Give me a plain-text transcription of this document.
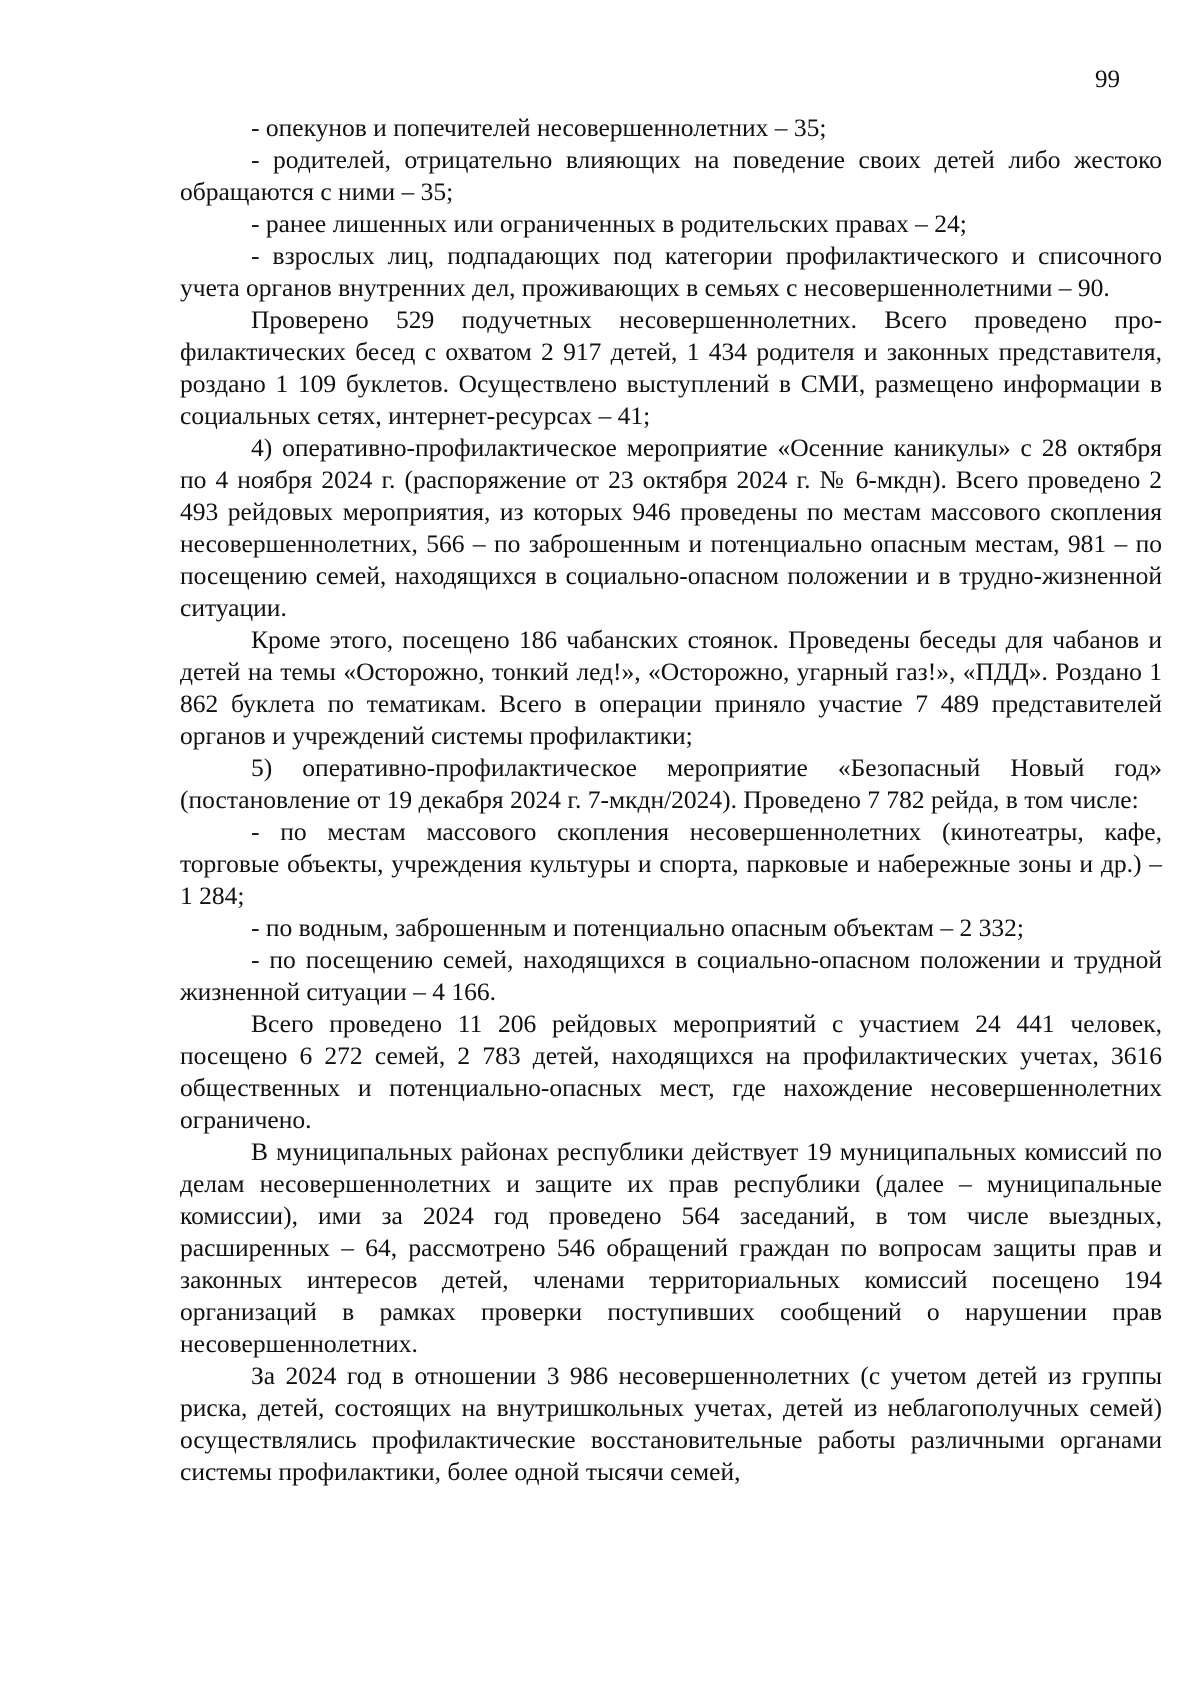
99

- опекунов и попечителей несовершеннолетних – 35;

- родителей, отрицательно влияющих на поведение своих детей либо жестоко обращаются с ними – 35;

- ранее лишенных или ограниченных в родительских правах – 24;

- взрослых лиц, подпадающих под категории профилактического и списочного учета органов внутренних дел, проживающих в семьях с несовершеннолетними – 90.

Проверено 529 подучетных несовершеннолетних. Всего проведено профилактических бесед с охватом 2 917 детей, 1 434 родителя и законных представителя, роздано 1 109 буклетов. Осуществлено выступлений в СМИ, размещено информации в социальных сетях, интернет-ресурсах – 41;

4) оперативно-профилактическое мероприятие «Осенние каникулы» с 28 октября по 4 ноября 2024 г. (распоряжение от 23 октября 2024 г. № 6-мкдн). Всего проведено 2 493 рейдовых мероприятия, из которых 946 проведены по местам массового скопления несовершеннолетних, 566 – по заброшенным и потенциально опасным местам, 981 – по посещению семей, находящихся в социально-опасном положении и в трудно-жизненной ситуации.

Кроме этого, посещено 186 чабанских стоянок. Проведены беседы для чабанов и детей на темы «Осторожно, тонкий лед!», «Осторожно, угарный газ!», «ПДД». Роздано 1 862 буклета по тематикам. Всего в операции приняло участие 7 489 представителей органов и учреждений системы профилактики;

5) оперативно-профилактическое мероприятие «Безопасный Новый год» (постановление от 19 декабря 2024 г. 7-мкдн/2024). Проведено 7 782 рейда, в том числе:

- по местам массового скопления несовершеннолетних (кинотеатры, кафе, торговые объекты, учреждения культуры и спорта, парковые и набережные зоны и др.) – 1 284;

- по водным, заброшенным и потенциально опасным объектам – 2 332;

- по посещению семей, находящихся в социально-опасном положении и трудной жизненной ситуации – 4 166.

Всего проведено 11 206 рейдовых мероприятий с участием 24 441 человек, посещено 6 272 семей, 2 783 детей, находящихся на профилактических учетах, 3616 общественных и потенциально-опасных мест, где нахождение несовершеннолетних ограничено.

В муниципальных районах республики действует 19 муниципальных комиссий по делам несовершеннолетних и защите их прав республики (далее – муниципальные комиссии), ими за 2024 год проведено 564 заседаний, в том числе выездных, расширенных – 64, рассмотрено 546 обращений граждан по вопросам защиты прав и законных интересов детей, членами территориальных комиссий посещено 194 организаций в рамках проверки поступивших сообщений о нарушении прав несовершеннолетних.

За 2024 год в отношении 3 986 несовершеннолетних (с учетом детей из группы риска, детей, состоящих на внутришкольных учетах, детей из неблагополучных семей) осуществлялись профилактические восстановительные работы различными органами системы профилактики, более одной тысячи семей,
